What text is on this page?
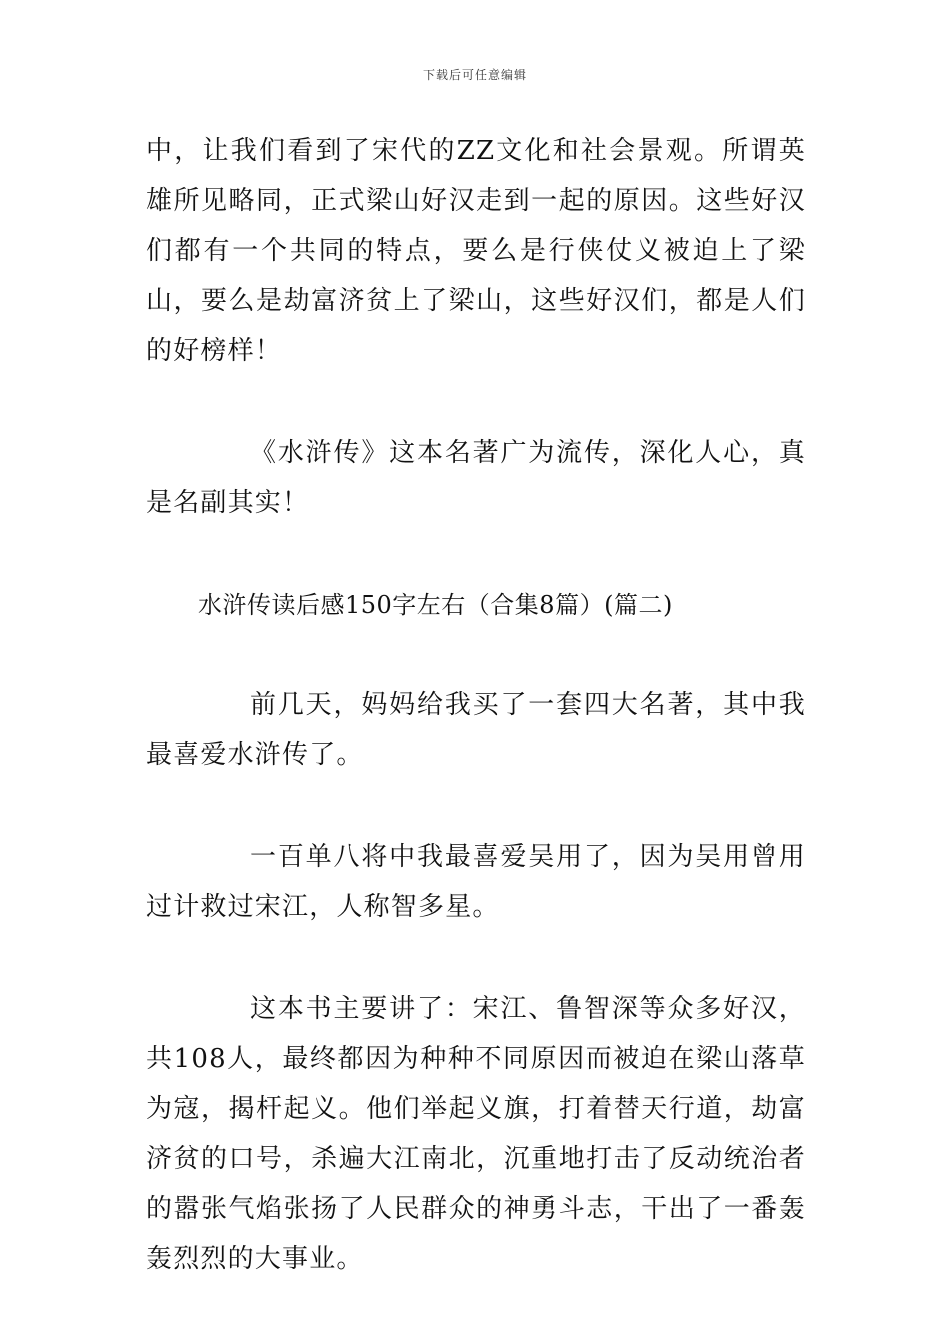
下载后可任意编辑

中，让我们看到了宋代的ZZ文化和社会景观。所谓英雄所见略同，正式梁山好汉走到一起的原因。这些好汉们都有一个共同的特点，要么是行侠仗义被迫上了梁山，要么是劫富济贫上了梁山，这些好汉们，都是人们的好榜样！

《水浒传》这本名著广为流传，深化人心，真是名副其实！

水浒传读后感150字左右（合集8篇）(篇二)

前几天，妈妈给我买了一套四大名著，其中我最喜爱水浒传了。

一百单八将中我最喜爱吴用了，因为吴用曾用过计救过宋江，人称智多星。

这本书主要讲了：宋江、鲁智深等众多好汉，共108人，最终都因为种种不同原因而被迫在梁山落草为寇，揭杆起义。他们举起义旗，打着替天行道，劫富济贫的口号，杀遍大江南北，沉重地打击了反动统治者的嚣张气焰张扬了人民群众的神勇斗志，干出了一番轰轰烈烈的大事业。
